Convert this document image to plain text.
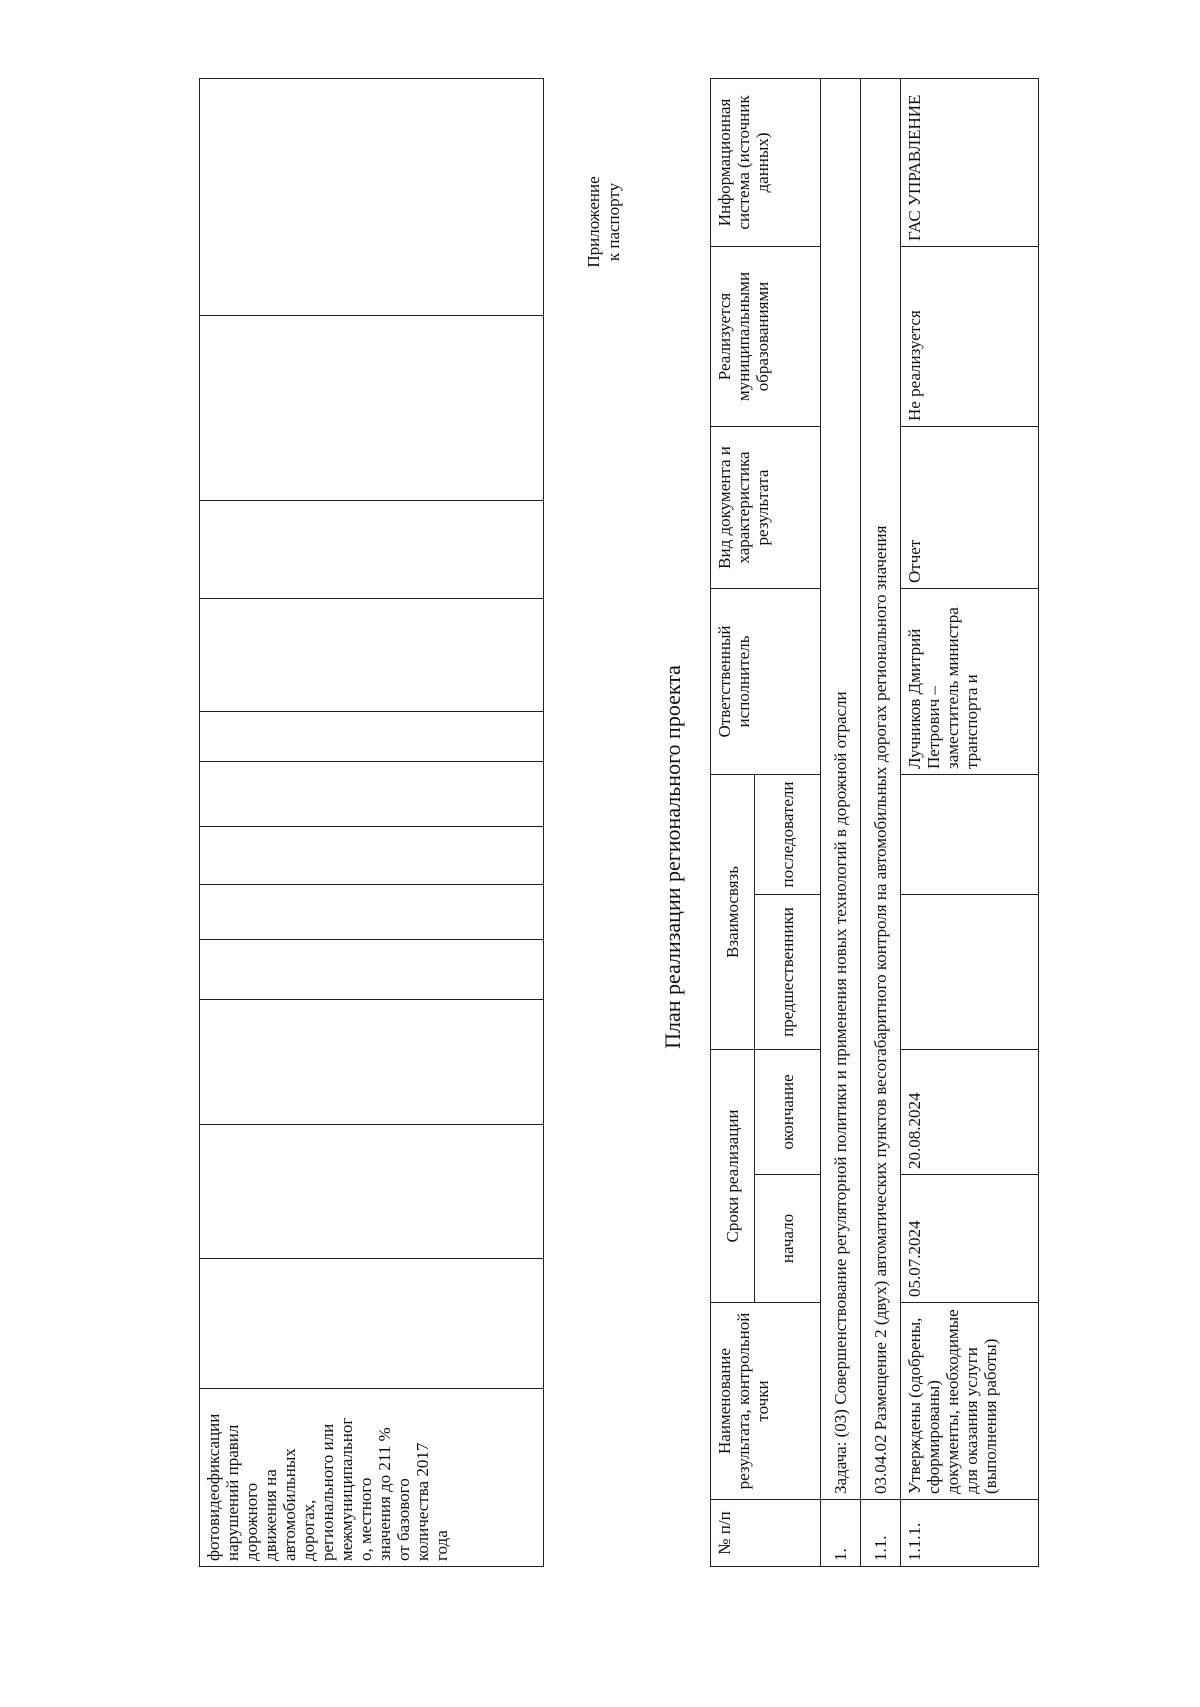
фотовидеофиксации
нарушений правил
дорожного
движения на
автомобильных
дорогах,
регионального или
межмуниципальног
о, местного
значения до 211 %
от базового
количества 2017
года												
Приложение
к паспорту
План реализации регионального проекта
№ п/п	Наименование результата, контрольной точки	Сроки реализации		Взаимосвязь		Ответственный исполнитель	Вид документа и характеристика результата	Реализуется муниципальными образованиями	Информационная система (источник данных)
		начало	окончание	предшественники	последователи				
1.	Задача: (03) Совершенствование регуляторной политики и применения новых технологий в дорожной отрасли								
1.1.	03.04.02 Размещение 2 (двух) автоматических пунктов весогабаритного контроля на автомобильных дорогах регионального значения								
1.1.1.	Утверждены (одобрены, сформированы) документы, необходимые для оказания услуги (выполнения работы)	05.07.2024	20.08.2024			Лучников Дмитрий Петрович – заместитель министра транспорта и	Отчет	Не реализуется	ГАС УПРАВЛЕНИЕ
